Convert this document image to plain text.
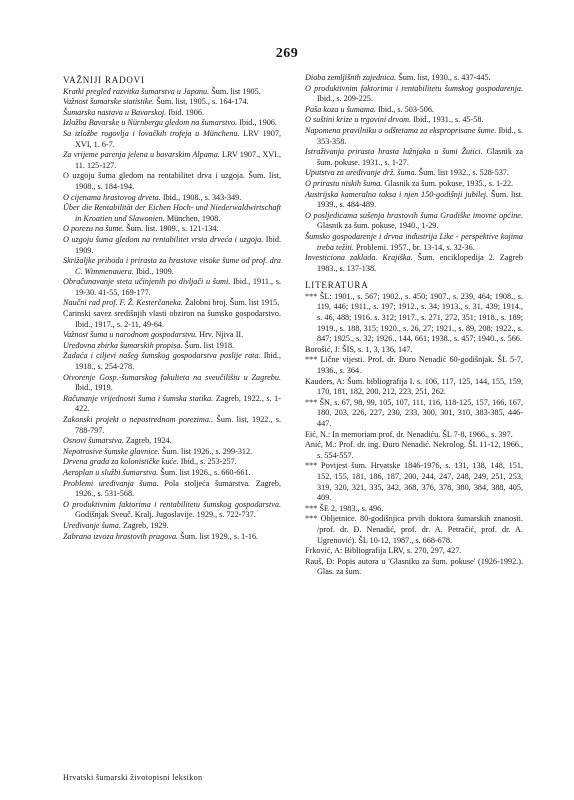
269
VAŽNIJI RADOVI

Kratki pregled razvitka šumarstva u Japanu. Šum. list 1905.

Važnost šumarske statistike. Šum. list, 1905., s. 164-174.

Šumarska nastava u Bavarskoj. Ibid. 1906.

Izložba Bavarske u Nürnbergu gledom na šumarstvo. Ibid., 1906.

Sa izložbe rogovlja i lovačkih trofeja u Münchenu. LRV 1907, XVI, 1. 6-7.

Za vrijeme parenja jelena u bavarskim Alpama. LRV 1907., XVI., 11. 125-127.

O uzgoju šuma gledom na rentabilitet drva i uzgoja. Šum. list, 1908., s. 184-194.

O cijenama hrastovog drveta. Ibid., 1908., s. 343-349.

Über die Rentabilität der Eichen Hoch- und Niederwaldwirtschaft in Kroatien und Slawonien. München, 1908.

O porezu na šume. Šum. list. 1909., s. 121-134.

O uzgoju šuma gledom na rentabilitet vrsta drveća i uzgoja. Ibid. 1909.

Skrižaljke prihoda i prirasta za hrastove visoke šume od prof. dra C. Wimmenauera. Ibid., 1909.

Obračunavanje steta učinjenih po divljači u šumi. Ibid., 1911., s. 19-30. 41-55, 169-177.

Naučni rad prof. F. Ž. Kesterčaneka. Žalobni broj. Šum. list 1915.

Carinski savez središnjih vlasti obziron na šumsko gospodarstvo. Ibid., 1917., s. 2-11, 49-64.

Važnost šuma u narodnom gospodarstvu. Hrv. Njiva II.

Uređovna zbirka šumarskih propisa. Šum. list 1918.

Zadaća i ciljevi našeg šumskog gospodarstva poslije rata. Ibid., 1918., s. 254-278.

Otvorenje Gosp.-šumarskog fakulteta na sveučilištu u Zagrebu. Ibid., 1919.

Računanje vrijednosti šuma i šumska statika. Zagreb, 1922., s. 1-422.

Zakonski projekt o nepostrednom porezima.. Šum. list, 1922., s. 788-797.

Osnovi šumarstva. Zagreb, 1924.

Nepotrosive šumske glavnice. Šum. list 1926., s. 299-312.

Drvena građa za kolonističke kuće. Ibid., s. 253-257.

Aeroplan u službi šumarstva. Šum. list 1926., s. 660-661.

Problemi uređivanja šuma. Pola stoljeća šumarstva. Zagreb, 1926., s. 531-568.

O produktivnim faktorima i rentabilitetu šumskog gospodarstva. Godišnjak Sveuč. Kralj. Jugoslavije. 1929., s. 722-737.

Uređivanje šuma. Zagreb, 1929.

Zabrana izvoza hrastovih pragova. Šum. list 1929., s. 1-16.

Dioba zemljišnih zajednica. Šum. list, 1930., s. 437-445.

O produktivnim faktorima i rentabilitetu šumskog gospodarenja. Ibid., s. 209-225.

Paša koza u šumama. Ibid., s. 503-506.

O suštini krize u trgovini drvom. Ibid., 1931., s. 45-58.

Napomena pravilniku o odštetama za eksproprisane šume. Ibid., s. 353-358.

Istraživanja prirasta hrasta lužnjaka u šumi Žutici. Glasnik za šum. pokuse. 1931., s. 1-27.

Uputstva za uređivanje drž. šuma. Šum. list 1932., s. 528-537.

O prirastu niskih šuma. Glasnik za šum. pokuse, 1935., s. 1-22.

Austrijska kameralna taksa i njen 150-godišnji jubilej. Šum. list. 1939., s. 484-489.

O posljedicama sušenja hrastovih šuma Gradiške imovne općine. Glasnik za šum. pokuse, 1940., 1-29.

Šumsko gospodarenje i drvna industrija Like - perspektive kojima treba težiti. Problemi. 1957., br. 13-14, s. 32-36.

Investiciona zakladа. Krajiška. Šum. enciklopedija 2. Zagreb 1983., s. 137-138.

LITERATURA

*** ŠL: 1901., s. 567; 1902., s. 450; 1907., s. 239, 464; 1908., s. 119, 446; 1911., s. 197; 1912., s. 34; 1913., s. 31, 439; 1914., s. 46, 488; 1916. s. 312; 1917., s. 271, 272, 351; 1918., s. 189; 1919., s. 188, 315; 1920., s. 26, 27; 1921., s. 89, 208; 1922., s. 847; 1925., s. 32; 1926., 144, 661; 1938., s. 457; 1940., s. 566.

Borošić, J: ŠIS, s. 1, 3, 136, 147.

*** Lične vijesti. Prof. dr. Đuro Nenadić 60-godišnjak. ŠL 5-7, 1936., s. 364.

Kauders, A: Šum. bibliografija I. s. 106, 117, 125, 144, 155, 159, 170, 181, 182, 200, 212, 223, 251, 262.

*** ŠN, s. 67, 98, 99, 105, 107, 111, 116, 118-125, 157, 166, 167, 180, 203, 226, 227, 230, 233, 300, 301, 310, 383-385, 446-447.

Eić, N.: In memoriam prof. dr. Nenadiću. ŠL 7-8, 1966., s. 397.

Anić, M.: Prof. dr. ing. Đuro Nenadić. Nekrolog. ŠL 11-12, 1966., s. 554-557.

*** Povijest šum. Hrvatske 1846-1976, s. 131, 138, 148, 151, 152, 155, 181, 186, 187, 200, 244, 247, 248, 249, 251, 253, 319, 320, 321, 335, 342, 368, 376, 378, 380, 384, 388, 405, 409.

*** ŠE 2, 1983., s. 496.

*** Obljetnice. 80-godišnjica prvih doktora šumarskih znanosti. /prof. dr. Đ. Nenadić, prof. dr. A. Petračić, prof. dr. A. Ugrenović). ŠL 10-12, 1987., s. 668-678.

Frković, A: Bibliografija LRV, s. 270, 297, 427.

Rauš, Đ: Popis autora u 'Glasniku za šum. pokuse' (1926-1992.). Glas. za šum.

Hrvatski šumarski životopisni leksikon
